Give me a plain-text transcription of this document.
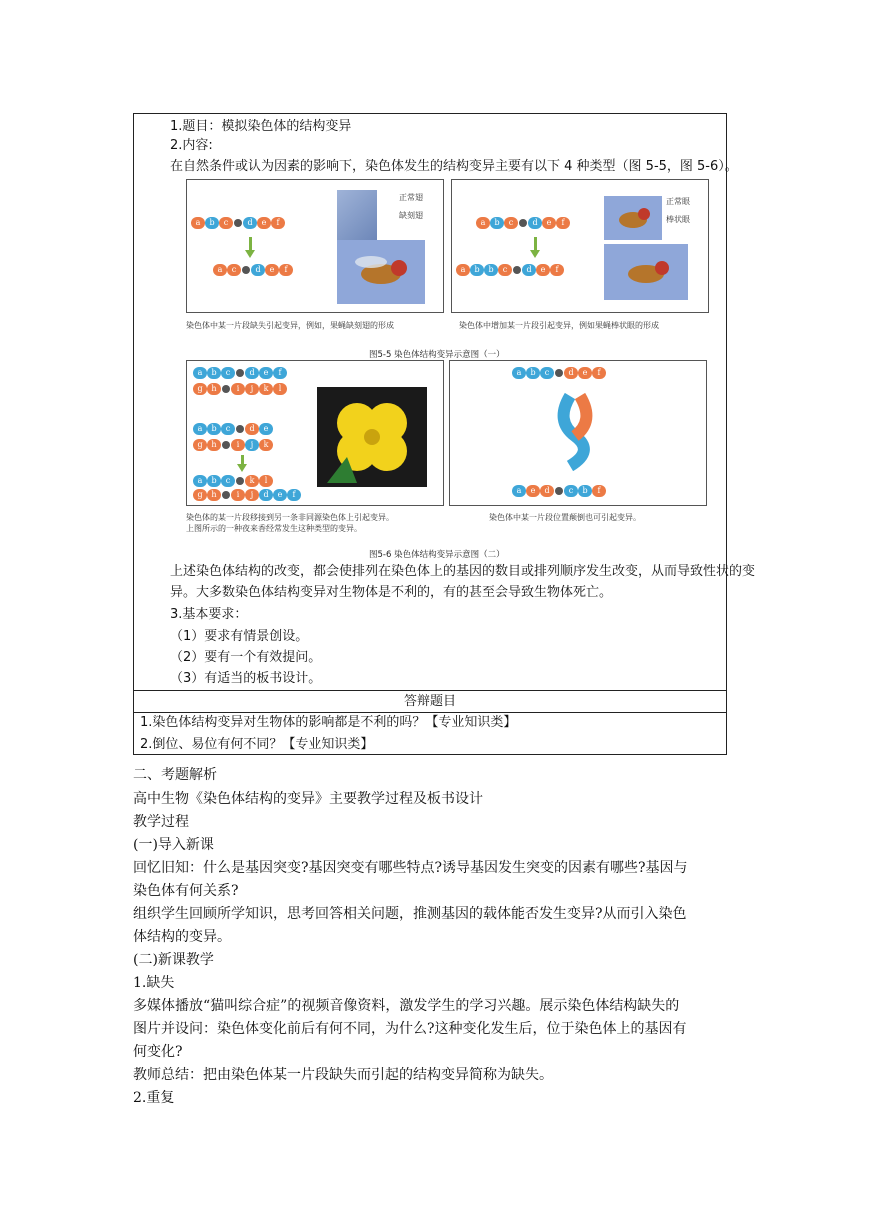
1.题目：模拟染色体的结构变异
2.内容:
在自然条件或认为因素的影响下，染色体发生的结构变异主要有以下 4 种类型（图 5-5，图 5-6）。
a	b	c	d	e	f
a	c	d	e	f
正常翅
缺刻翅
染色体中某一片段缺失引起变异，例如，果蝇缺刻翅的形成
a	b	c	d	e	f
a	b	b	c	d	e	f
正常眼
棒状眼
染色体中增加某一片段引起变异，例如果蝇棒状眼的形成
图5-5 染色体结构变异示意图（一）
a	b	c	d	e	f
g	h	i	j	k	l
a	b	c	d	e
g	h	i	j	k
a	b	c	k	l
g	h	i	j	d	e	f
染色体的某一片段移接到另一条非同源染色体上引起变异。
上图所示的一种夜来香经常发生这种类型的变异。
a	b	c	d	e	f
a	e	d	c	b	f
染色体中某一片段位置颠倒也可引起变异。
图5-6 染色体结构变异示意图（二）
上述染色体结构的改变，都会使排列在染色体上的基因的数目或排列顺序发生改变，从而导致性状的变
异。大多数染色体结构变异对生物体是不利的，有的甚至会导致生物体死亡。
3.基本要求：
（1）要求有情景创设。
（2）要有一个有效提问。
（3）有适当的板书设计。
答辩题目
1.染色体结构变异对生物体的影响都是不利的吗？【专业知识类】
2.倒位、易位有何不同？【专业知识类】
二、考题解析
高中生物《染色体结构的变异》主要教学过程及板书设计
教学过程
(一)导入新课
回忆旧知：什么是基因突变?基因突变有哪些特点?诱导基因发生突变的因素有哪些?基因与
染色体有何关系?
组织学生回顾所学知识，思考回答相关问题，推测基因的载体能否发生变异?从而引入染色
体结构的变异。
(二)新课教学
1.缺失
多媒体播放“猫叫综合症”的视频音像资料，激发学生的学习兴趣。展示染色体结构缺失的
图片并设问：染色体变化前后有何不同，为什么?这种变化发生后，位于染色体上的基因有
何变化?
教师总结：把由染色体某一片段缺失而引起的结构变异简称为缺失。
2.重复
